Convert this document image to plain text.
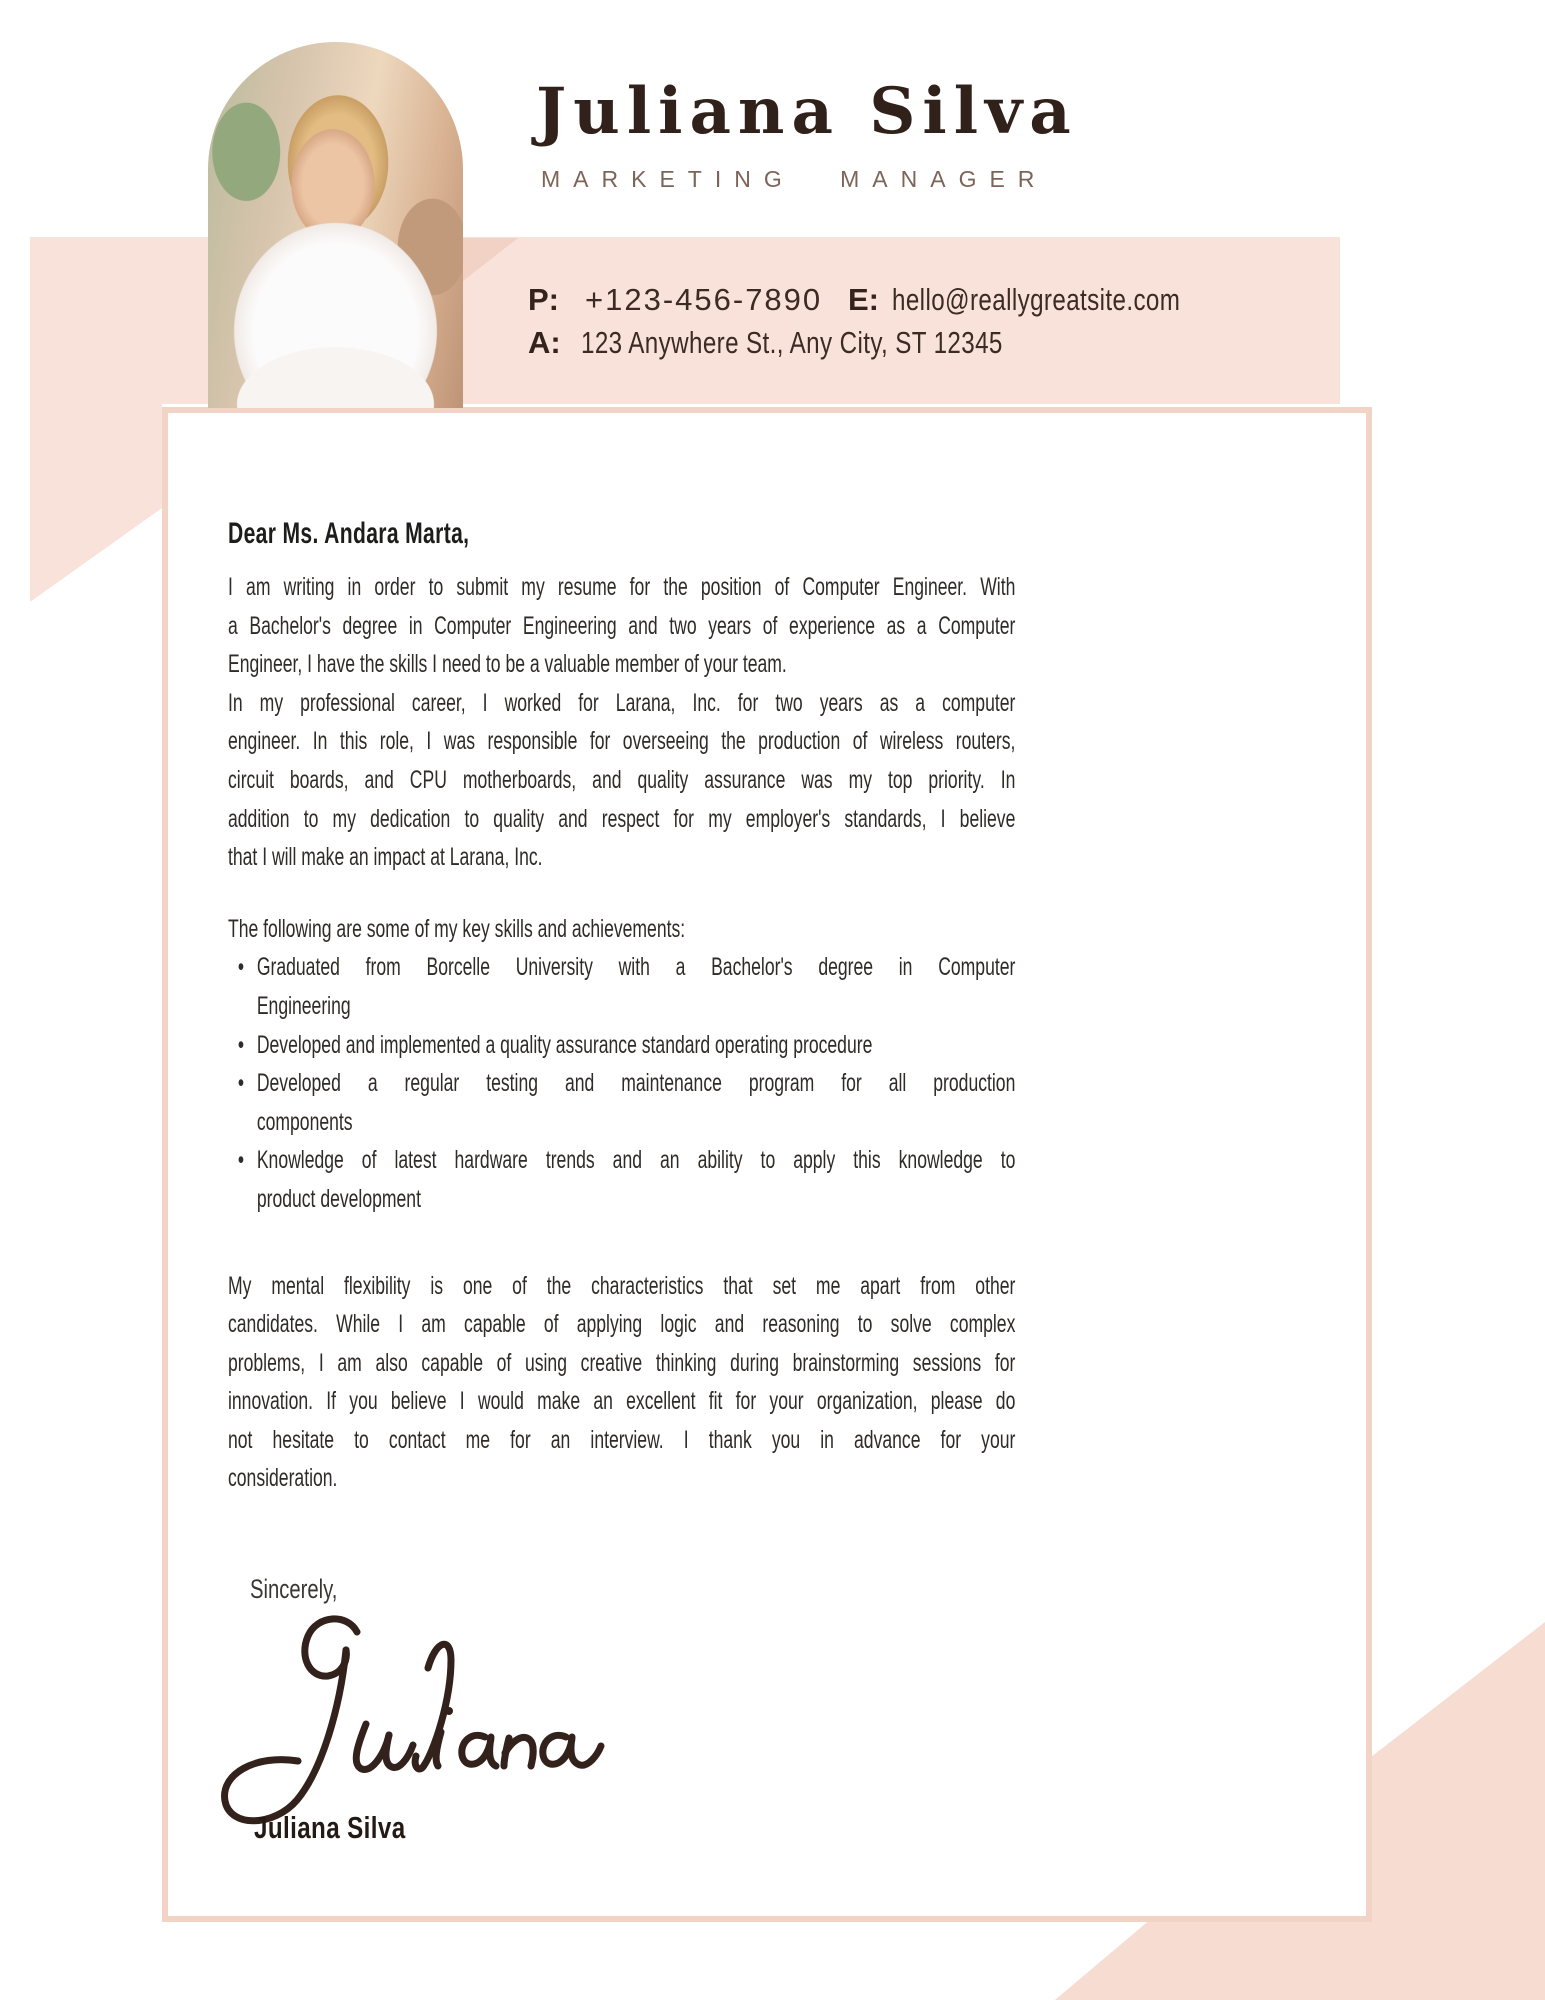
Juliana Silva
MARKETING MANAGER
P: +123-456-7890 E: hello@reallygreatsite.com
A: 123 Anywhere St., Any City, ST 12345
Dear Ms. Andara Marta,
I am writing in order to submit my resume for the position of Computer Engineer. With
a Bachelor's degree in Computer Engineering and two years of experience as a Computer
Engineer, I have the skills I need to be a valuable member of your team.
In my professional career, I worked for Larana, Inc. for two years as a computer
engineer. In this role, I was responsible for overseeing the production of wireless routers,
circuit boards, and CPU motherboards, and quality assurance was my top priority. In
addition to my dedication to quality and respect for my employer's standards, I believe
that I will make an impact at Larana, Inc.
The following are some of my key skills and achievements:
• Graduated from Borcelle University with a Bachelor's degree in Computer
Engineering
• Developed and implemented a quality assurance standard operating procedure
• Developed a regular testing and maintenance program for all production
components
• Knowledge of latest hardware trends and an ability to apply this knowledge to
product development
My mental flexibility is one of the characteristics that set me apart from other
candidates. While I am capable of applying logic and reasoning to solve complex
problems, I am also capable of using creative thinking during brainstorming sessions for
innovation. If you believe I would make an excellent fit for your organization, please do
not hesitate to contact me for an interview. I thank you in advance for your
consideration.
Sincerely,
Juliana Silva
